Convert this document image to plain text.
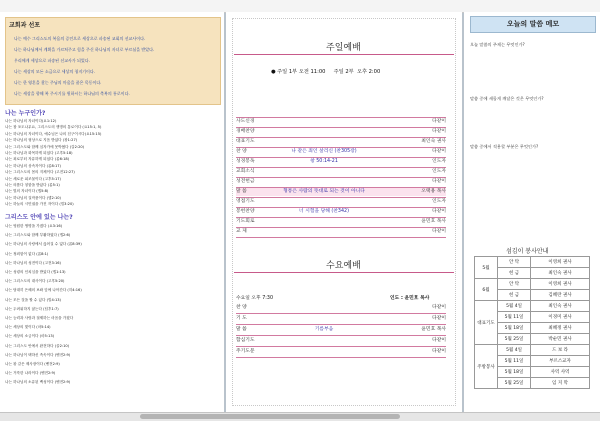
교회과 선포
나는 예수 그리스도의 복음의 증인으로 세상으로 파송된 교회의 선교사이다.
나는 하나님께서 계획을 가르쳐주고 힘을 주신 하나님의 자녀로 부르심을 받았다.
우리에게 세상으로 파송된 선교사가 되었다.
나는 세상의 모든 소금으로 세상의 청지기이다.
나는 한 영혼을 찾는 주님의 마음을 품은 목동이다.
나는 세상을 향해 복 주시기를 원하시는 하나님의 축복의 통로이다.
나는 누구인가?
나는 하나님의 자녀이다(요1:12)
나는 참 포도나무요, 그리스도의 생명의 통로이다 (요15:1, 5)
나는 하나님의 자녀이다, 예수님은 나의 친구이시다(요15:15)
나는 하나님의 형상으로 지음 받았다 (창1:27)
나는 그리스도와 함께 십자가에 못박혔다 (갈2:20)
나는 하나님과 화목하게 되었다 (고후5:18)
나는 죄로부터 자유하게 되었다 (롬6:18)
나는 하나님의 상속자이다 (롬8:17)
나는 그리스도의 몸의 지체이다 (고전12:27)
나는 새로운 피조물이다 (고후5:17)
나는 의롭다 칭함을 받았다 (롬5:1)
나는 빛의 자녀이다 (엡5:8)
나는 하나님의 걸작품이다 (엡2:10)
나는 하늘의 시민권을 가진 자이다 (빌3:20)
그리스도 안에 있는 나는?
나는 영원한 생명을 가졌다 (요3:16)
나는 그리스도와 함께 부활하였다 (엡2:6)
나는 하나님의 사랑에서 끊어질 수 없다 (롬8:39)
나는 정죄함이 없다 (롬8:1)
나는 하나님의 성전이다 (고전3:16)
나는 성령의 인치심을 받았다 (엡1:13)
나는 그리스도의 대사이다 (고후5:20)
나는 담대히 은혜의 보좌 앞에 나아간다 (히4:16)
나는 모든 것을 할 수 있다 (빌4:13)
나는 두려워하지 않는다 (딤후1:7)
나는 능력과 사랑과 절제하는 마음을 가졌다
나는 세상의 빛이다 (마5:14)
나는 세상의 소금이다 (마5:13)
나는 그리스도 안에서 완전하다 (골2:10)
나는 하나님이 택하신 족속이다 (벧전2:9)
나는 왕 같은 제사장이다 (벧전2:9)
나는 거룩한 나라이다 (벧전2:9)
나는 하나님의 소유된 백성이다 (벧전2:9)
주일예배
● 주일 1부 오전 11:00     주일 2부  오후 2:00
사도신경	다같이
경배찬양	다같이
대표기도	최인숙 권사
찬 양	나 같은 죄인 살리신 (찬305장)	다같이
성경봉독	창 50:14-21	인도자
교회소식	인도자
성전헌금	다같이
말 씀	형통은 사람의 뜻대로 되는 것이 아니다	오택용 목사
영접기도	인도자
봉헌찬양	너 시험을 당해 (찬342)	다같이
기도회로	윤민호 목사
교 제	다같이
수요예배
수요일 오후 7:30	인도 : 윤민호 목사
찬 양	다같이
기 도	다같이
말 씀	기름부음	윤민호 목사
합심기도	다같이
주기도문	다같이
오늘의 말씀 메모
오늘 말씀의 주제는 무엇인가?
말씀 중에 새롭게 깨달은 것은 무엇인가?
말씀 중에서 적용할 부분은 무엇인가?
섬김이 봉사안내
5월	안 탁	이영희 권사
	헌 금	최인숙 권사
6월	안 탁	이영희 권사
	헌 금	김혜란 권사
대표기도	5월 4일	최인숙 권사
	5월 11일	이경미 권사
	5월 18일	최혜정 권사
	5월 25일	박순민 권사
주방봉사	5월 4일	드 보 라
	5월 11일	부르스교자
	5월 18일	사역 사역
	5월 25일	임 지 막
